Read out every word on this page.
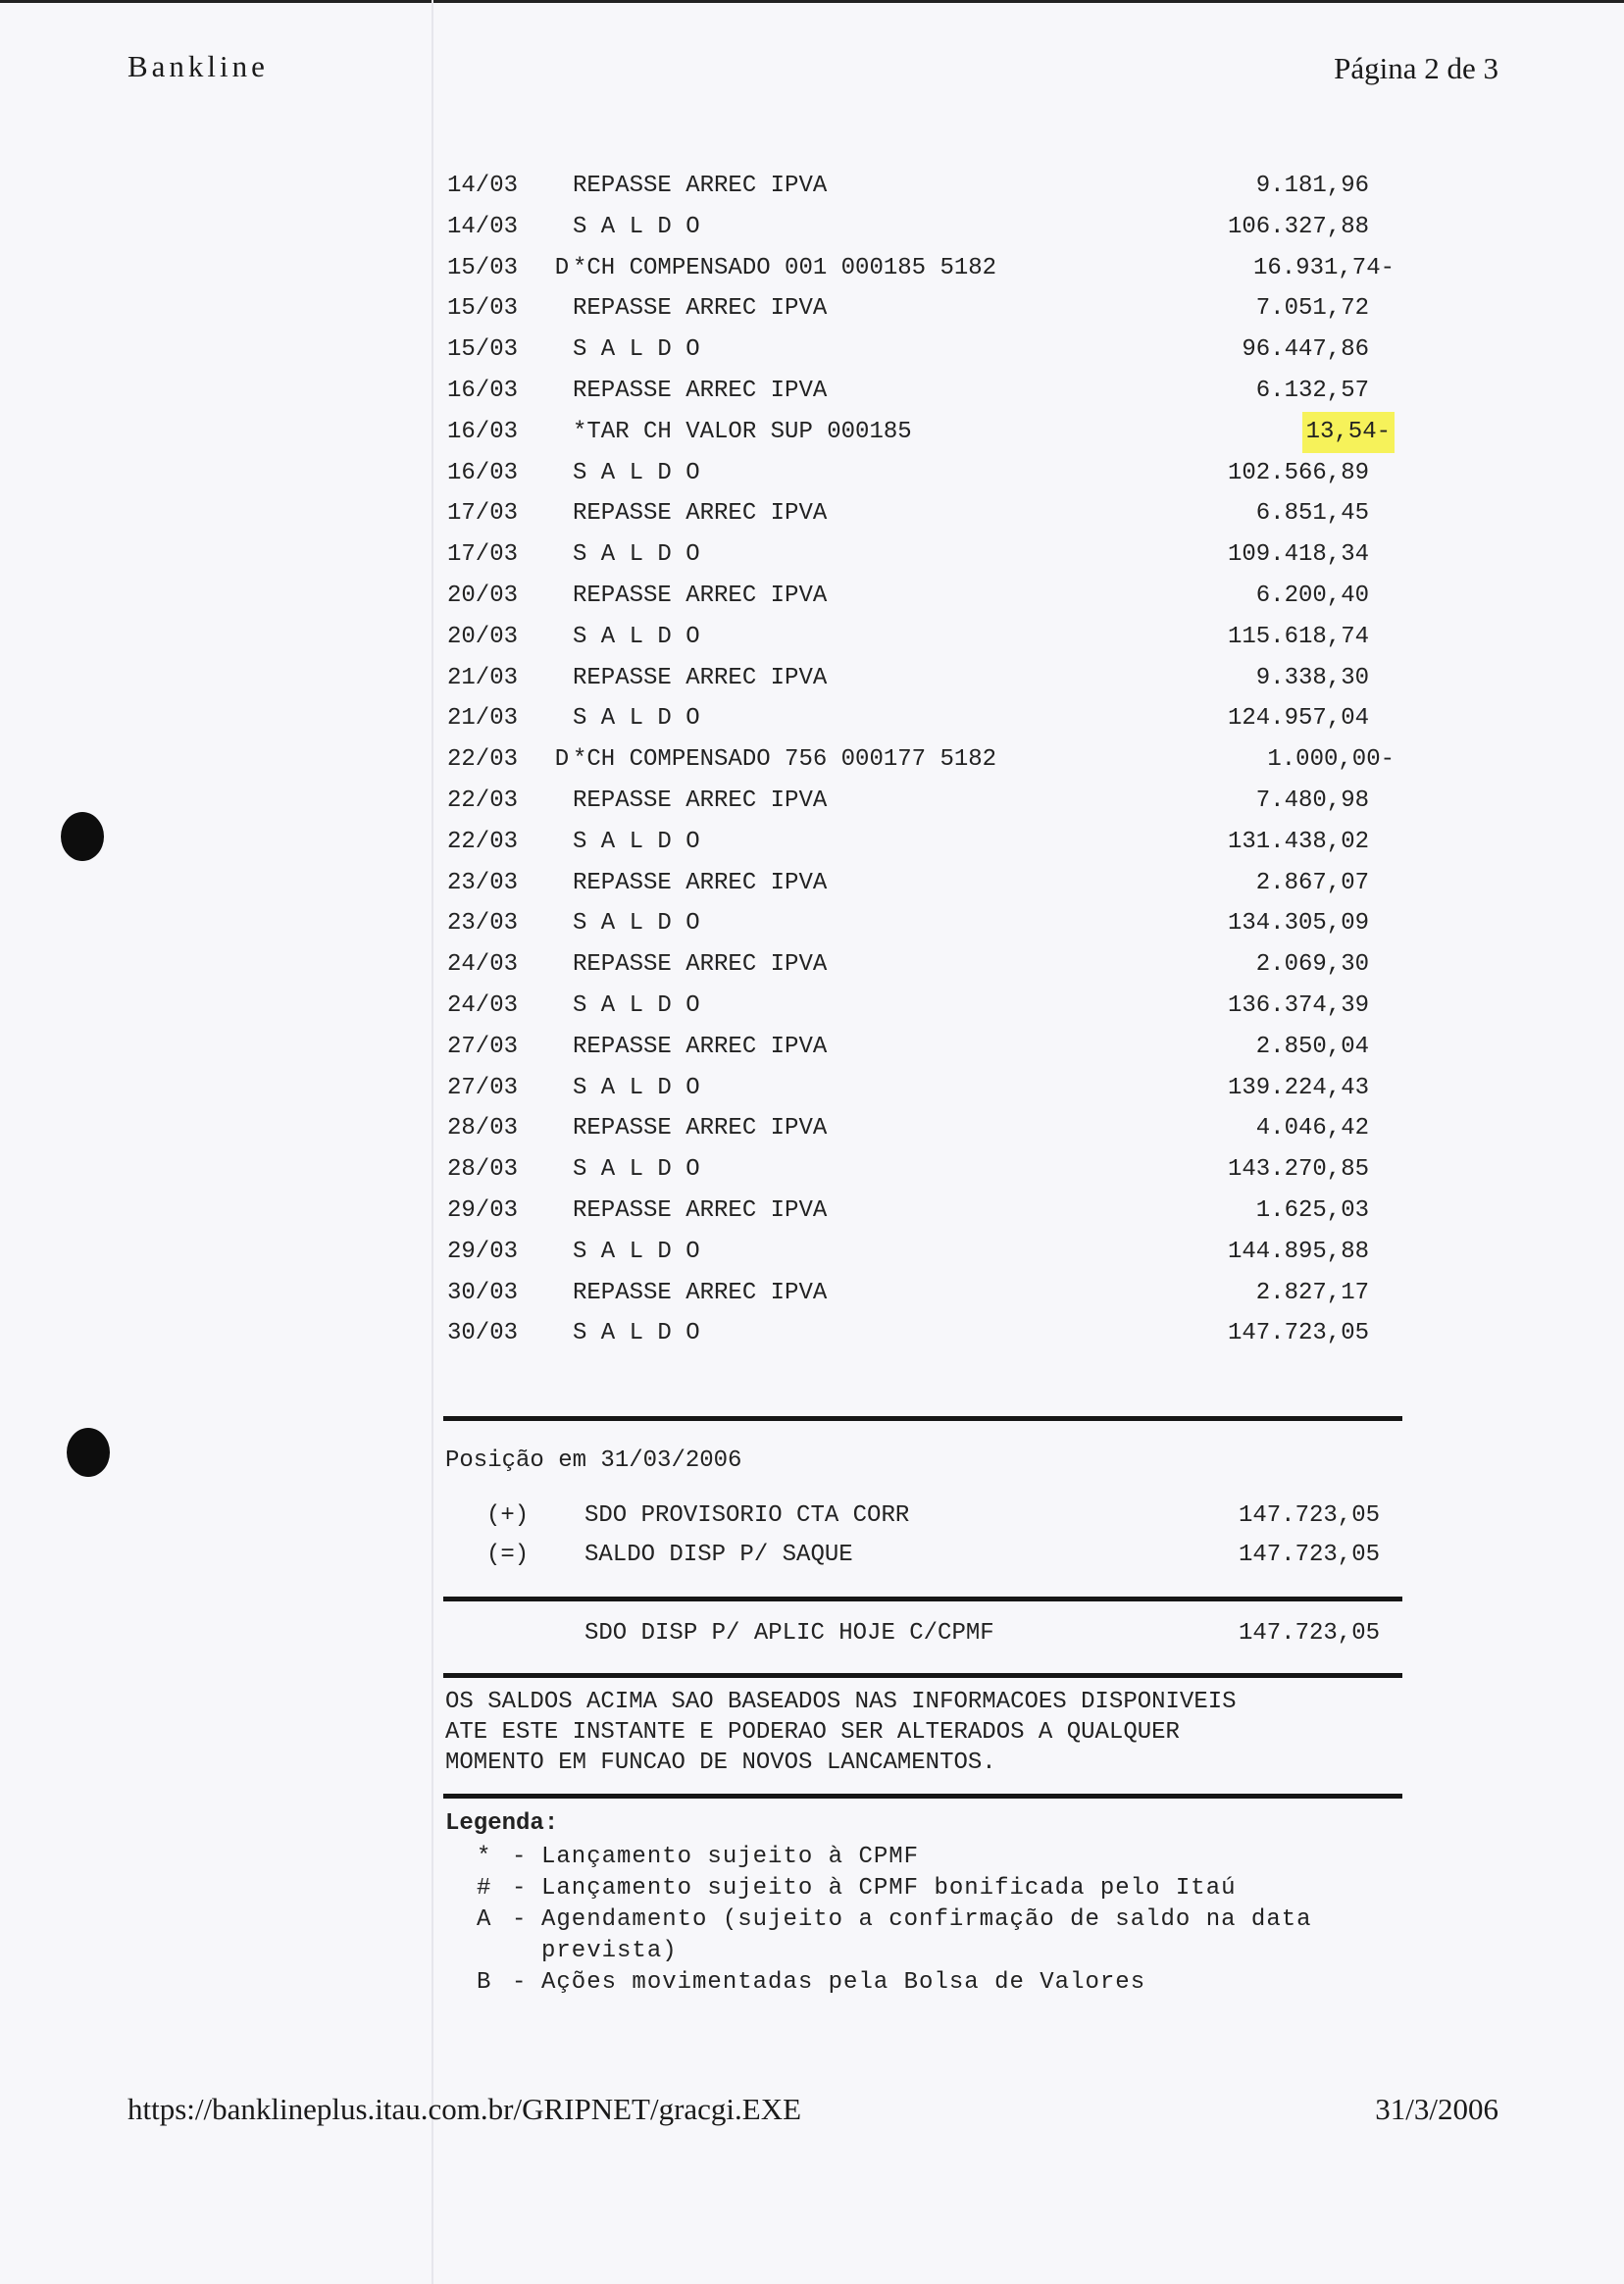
Bankline	Página 2 de 3
14/03 REPASSE ARREC IPVA	9.181,96
14/03 S A L D O	106.327,88
15/03 D *CH COMPENSADO 001 000185 5182	16.931,74-
15/03 REPASSE ARREC IPVA	7.051,72
15/03 S A L D O	96.447,86
16/03 REPASSE ARREC IPVA	6.132,57
16/03 *TAR CH VALOR SUP 000185	13,54-
16/03 S A L D O	102.566,89
17/03 REPASSE ARREC IPVA	6.851,45
17/03 S A L D O	109.418,34
20/03 REPASSE ARREC IPVA	6.200,40
20/03 S A L D O	115.618,74
21/03 REPASSE ARREC IPVA	9.338,30
21/03 S A L D O	124.957,04
22/03 D *CH COMPENSADO 756 000177 5182	1.000,00-
22/03 REPASSE ARREC IPVA	7.480,98
22/03 S A L D O	131.438,02
23/03 REPASSE ARREC IPVA	2.867,07
23/03 S A L D O	134.305,09
24/03 REPASSE ARREC IPVA	2.069,30
24/03 S A L D O	136.374,39
27/03 REPASSE ARREC IPVA	2.850,04
27/03 S A L D O	139.224,43
28/03 REPASSE ARREC IPVA	4.046,42
28/03 S A L D O	143.270,85
29/03 REPASSE ARREC IPVA	1.625,03
29/03 S A L D O	144.895,88
30/03 REPASSE ARREC IPVA	2.827,17
30/03 S A L D O	147.723,05
Posição em 31/03/2006
(+) SDO PROVISORIO CTA CORR	147.723,05
(=) SALDO DISP P/ SAQUE	147.723,05
SDO DISP P/ APLIC HOJE C/CPMF	147.723,05
OS SALDOS ACIMA SAO BASEADOS NAS INFORMACOES DISPONIVEIS
ATE ESTE INSTANTE E PODERAO SER ALTERADOS A QUALQUER
MOMENTO EM FUNCAO DE NOVOS LANCAMENTOS.
Legenda:
* - Lançamento sujeito à CPMF
# - Lançamento sujeito à CPMF bonificada pelo Itaú
A - Agendamento (sujeito a confirmação de saldo na data prevista)
B - Ações movimentadas pela Bolsa de Valores
https://banklineplus.itau.com.br/GRIPNET/gracgi.EXE	31/3/2006
